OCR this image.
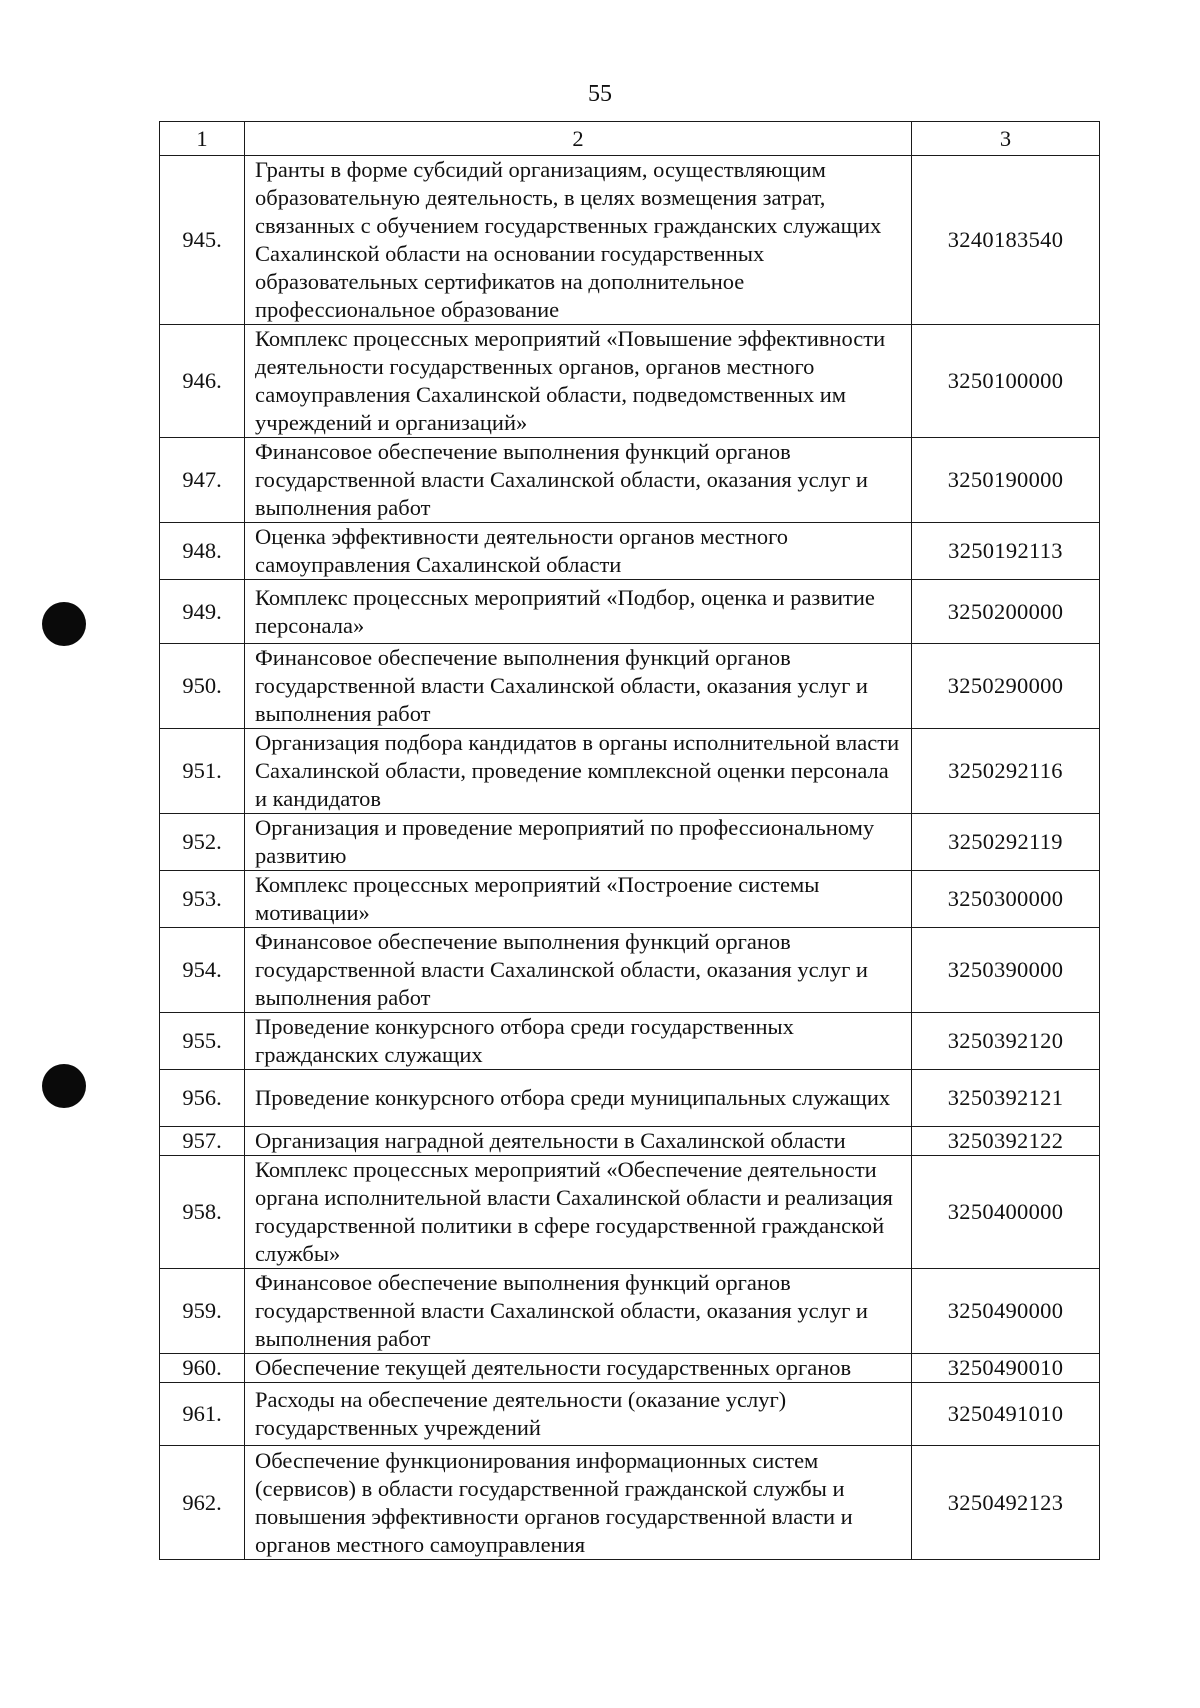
55
1	2	3
945.	Гранты в форме субсидий организациям, осуществляющим образовательную деятельность, в целях возмещения затрат, связанных с обучением государственных гражданских служащих Сахалинской области на основании государственных образовательных сертификатов на дополнительное профессиональное образование	3240183540
946.	Комплекс процессных мероприятий «Повышение эффективности деятельности государственных органов, органов местного самоуправления Сахалинской области, подведомственных им учреждений и организаций»	3250100000
947.	Финансовое обеспечение выполнения функций органов государственной власти Сахалинской области, оказания услуг и выполнения работ	3250190000
948.	Оценка эффективности деятельности органов местного самоуправления Сахалинской области	3250192113
949.	Комплекс процессных мероприятий «Подбор, оценка и развитие персонала»	3250200000
950.	Финансовое обеспечение выполнения функций органов государственной власти Сахалинской области, оказания услуг и выполнения работ	3250290000
951.	Организация подбора кандидатов в органы исполнительной власти Сахалинской области, проведение комплексной оценки персонала и кандидатов	3250292116
952.	Организация и проведение мероприятий по профессиональному развитию	3250292119
953.	Комплекс процессных мероприятий «Построение системы мотивации»	3250300000
954.	Финансовое обеспечение выполнения функций органов государственной власти Сахалинской области, оказания услуг и выполнения работ	3250390000
955.	Проведение конкурсного отбора среди государственных гражданских служащих	3250392120
956.	Проведение конкурсного отбора среди муниципальных служащих	3250392121
957.	Организация наградной деятельности в Сахалинской области	3250392122
958.	Комплекс процессных мероприятий «Обеспечение деятельности органа исполнительной власти Сахалинской области и реализация государственной политики в сфере государственной гражданской службы»	3250400000
959.	Финансовое обеспечение выполнения функций органов государственной власти Сахалинской области, оказания услуг и выполнения работ	3250490000
960.	Обеспечение текущей деятельности государственных органов	3250490010
961.	Расходы на обеспечение деятельности (оказание услуг) государственных учреждений	3250491010
962.	Обеспечение функционирования информационных систем (сервисов) в области государственной гражданской службы и повышения эффективности органов государственной власти и органов местного самоуправления	3250492123
